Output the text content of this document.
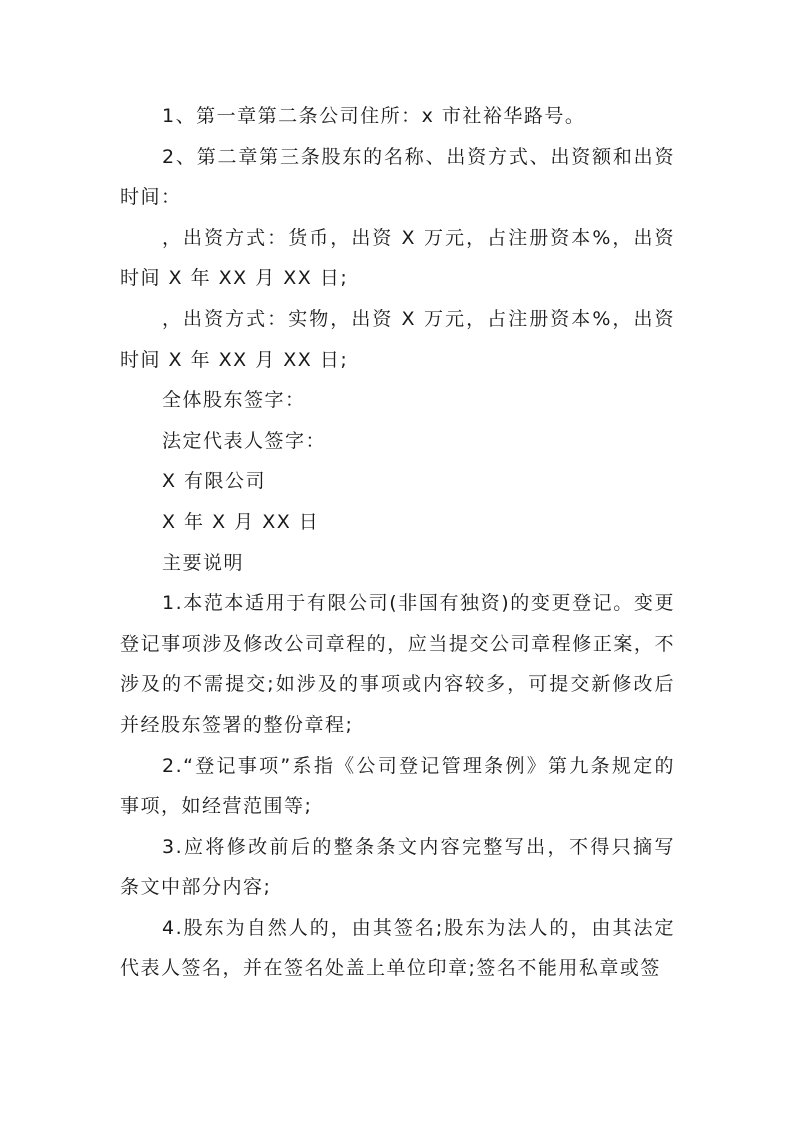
1、第一章第二条公司住所：x 市社裕华路号。

2、第二章第三条股东的名称、出资方式、出资额和出资时间：

，出资方式：货币，出资 X 万元，占注册资本%，出资时间 X 年 XX 月 XX 日;

，出资方式：实物，出资 X 万元，占注册资本%，出资时间 X 年 XX 月 XX 日;

全体股东签字：

法定代表人签字：

X 有限公司

X 年 X 月 XX 日

主要说明

1.本范本适用于有限公司(非国有独资)的变更登记。变更登记事项涉及修改公司章程的，应当提交公司章程修正案，不涉及的不需提交;如涉及的事项或内容较多，可提交新修改后并经股东签署的整份章程;

2.“登记事项”系指《公司登记管理条例》第九条规定的事项，如经营范围等;

3.应将修改前后的整条条文内容完整写出，不得只摘写条文中部分内容;

4.股东为自然人的，由其签名;股东为法人的，由其法定代表人签名，并在签名处盖上单位印章;签名不能用私章或签
